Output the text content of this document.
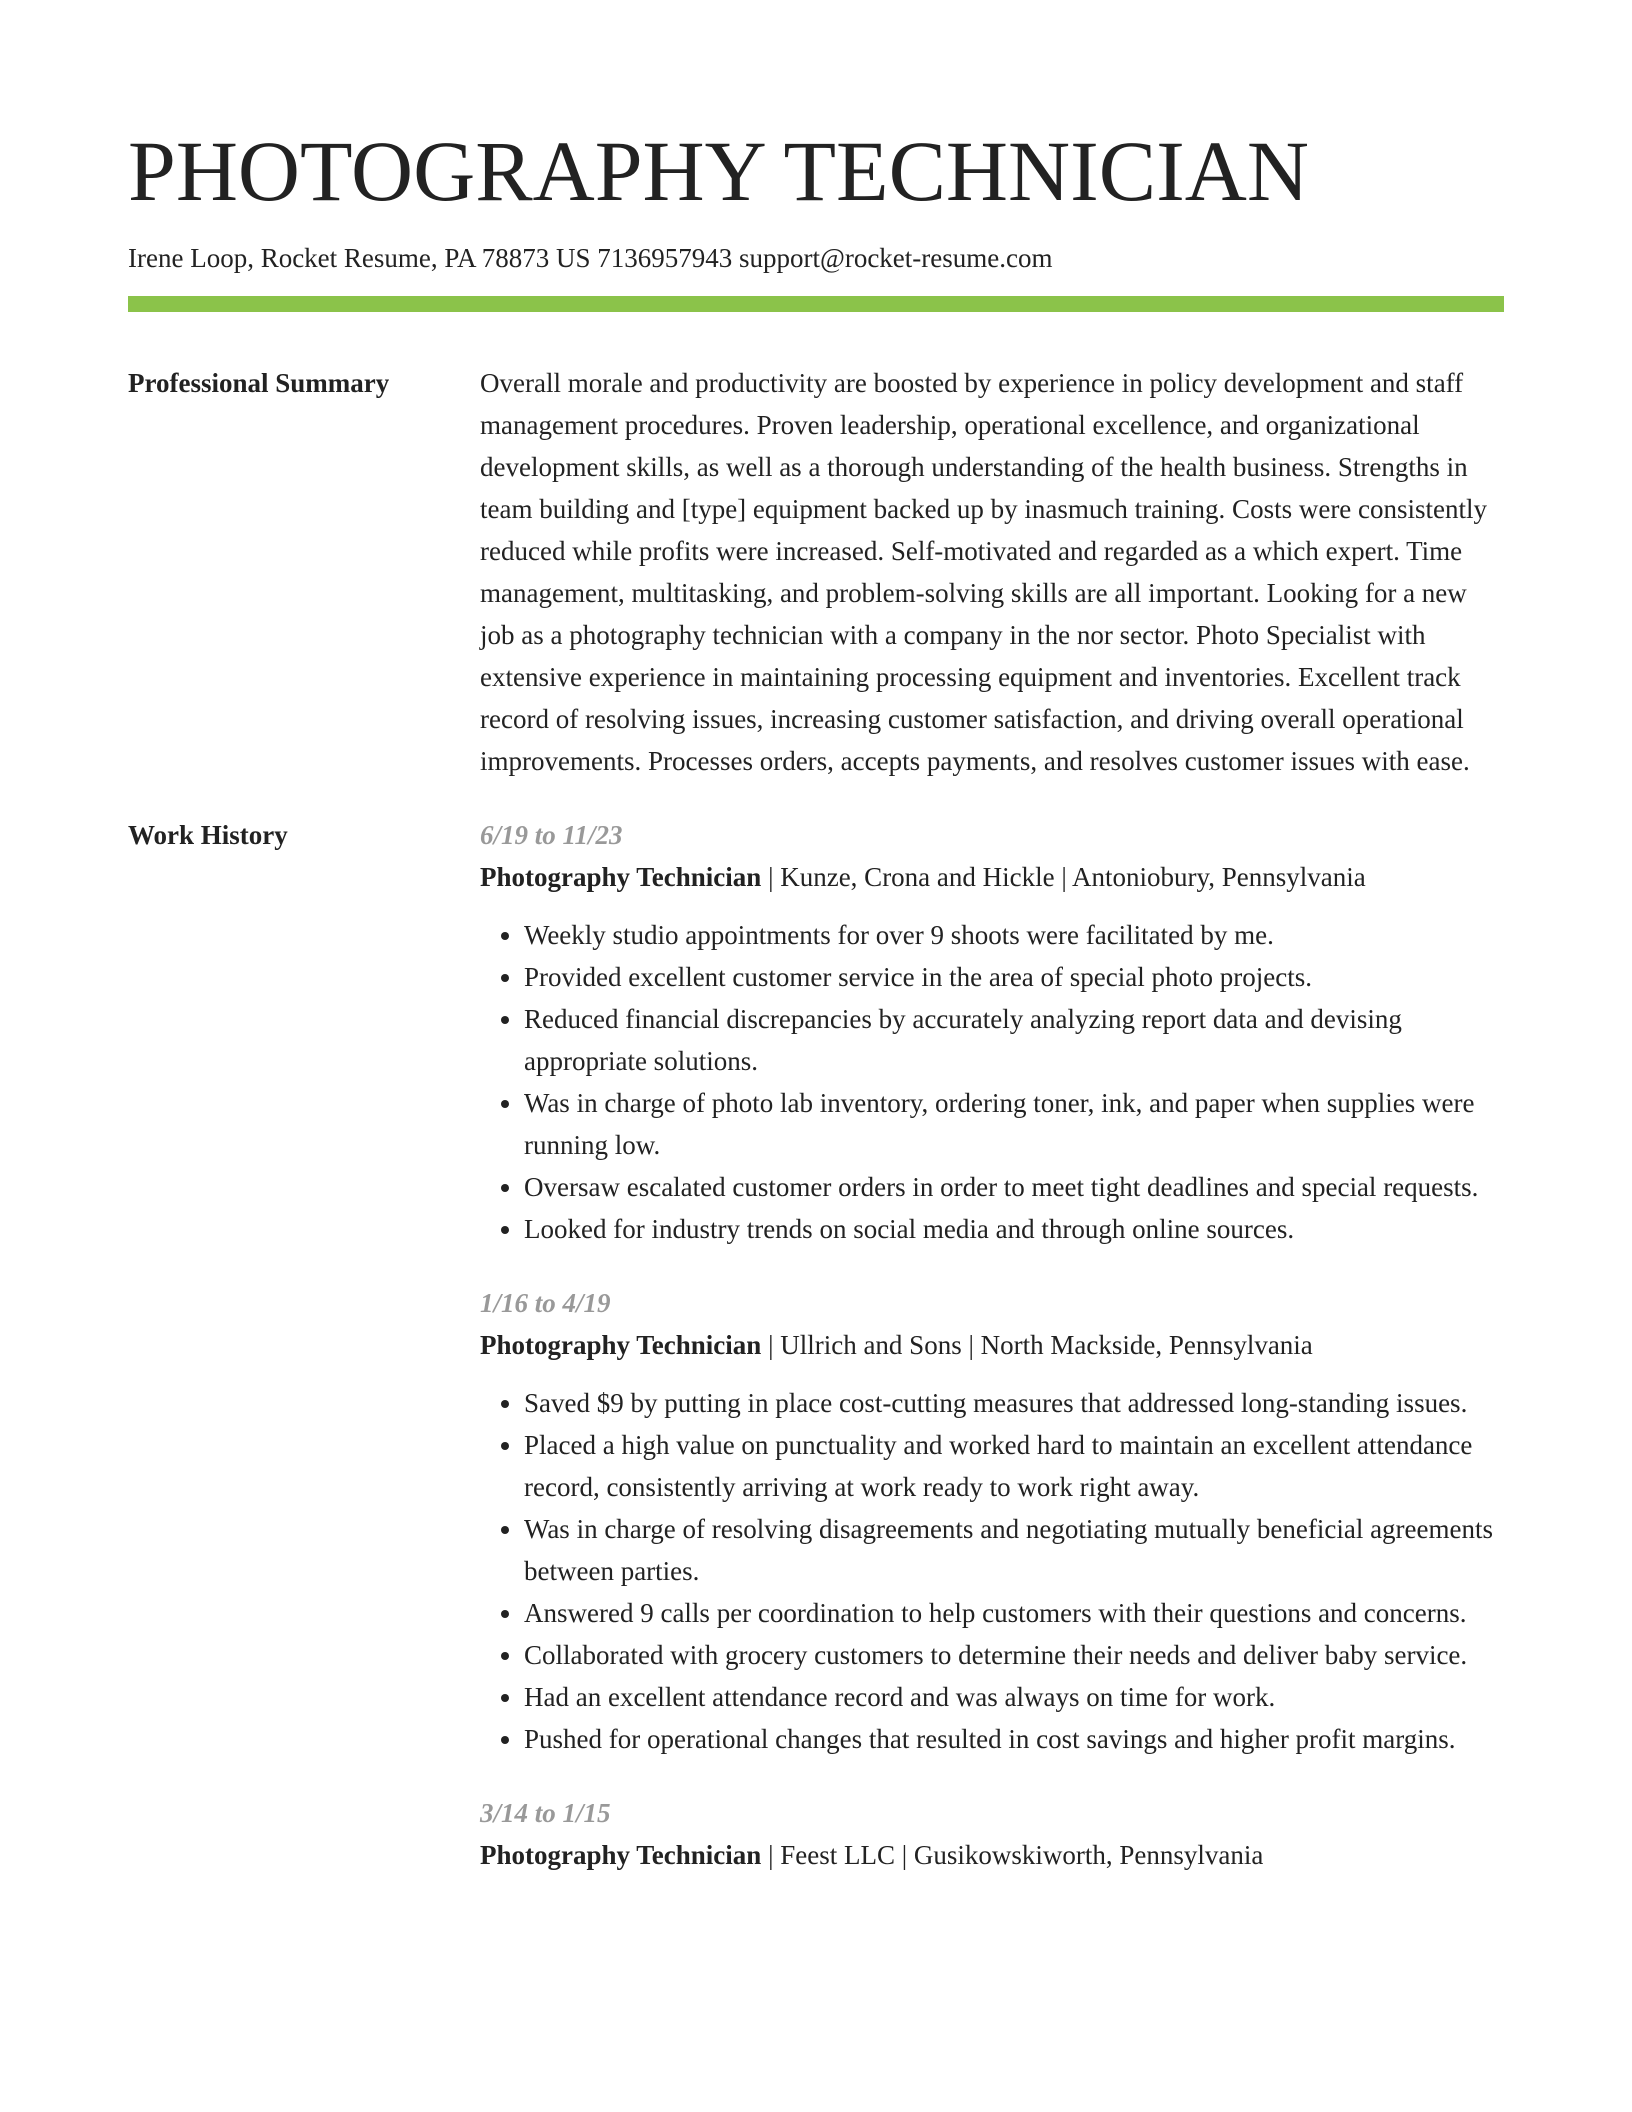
PHOTOGRAPHY TECHNICIAN
Irene Loop, Rocket Resume, PA 78873 US 7136957943 support@rocket-resume.com
Professional Summary	Overall morale and productivity are boosted by experience in policy development and staff management procedures. Proven leadership, operational excellence, and organizational development skills, as well as a thorough understanding of the health business. Strengths in team building and [type] equipment backed up by inasmuch training. Costs were consistently reduced while profits were increased. Self-motivated and regarded as a which expert. Time management, multitasking, and problem-solving skills are all important. Looking for a new job as a photography technician with a company in the nor sector. Photo Specialist with extensive experience in maintaining processing equipment and inventories. Excellent track record of resolving issues, increasing customer satisfaction, and driving overall operational improvements. Processes orders, accepts payments, and resolves customer issues with ease.

Work History	6/19 to 11/23
Photography Technician | Kunze, Crona and Hickle | Antoniobury, Pennsylvania
• Weekly studio appointments for over 9 shoots were facilitated by me.
• Provided excellent customer service in the area of special photo projects.
• Reduced financial discrepancies by accurately analyzing report data and devising appropriate solutions.
• Was in charge of photo lab inventory, ordering toner, ink, and paper when supplies were running low.
• Oversaw escalated customer orders in order to meet tight deadlines and special requests.
• Looked for industry trends on social media and through online sources.
1/16 to 4/19
Photography Technician | Ullrich and Sons | North Mackside, Pennsylvania
• Saved $9 by putting in place cost-cutting measures that addressed long-standing issues.
• Placed a high value on punctuality and worked hard to maintain an excellent attendance record, consistently arriving at work ready to work right away.
• Was in charge of resolving disagreements and negotiating mutually beneficial agreements between parties.
• Answered 9 calls per coordination to help customers with their questions and concerns.
• Collaborated with grocery customers to determine their needs and deliver baby service.
• Had an excellent attendance record and was always on time for work.
• Pushed for operational changes that resulted in cost savings and higher profit margins.
3/14 to 1/15
Photography Technician | Feest LLC | Gusikowskiworth, Pennsylvania
